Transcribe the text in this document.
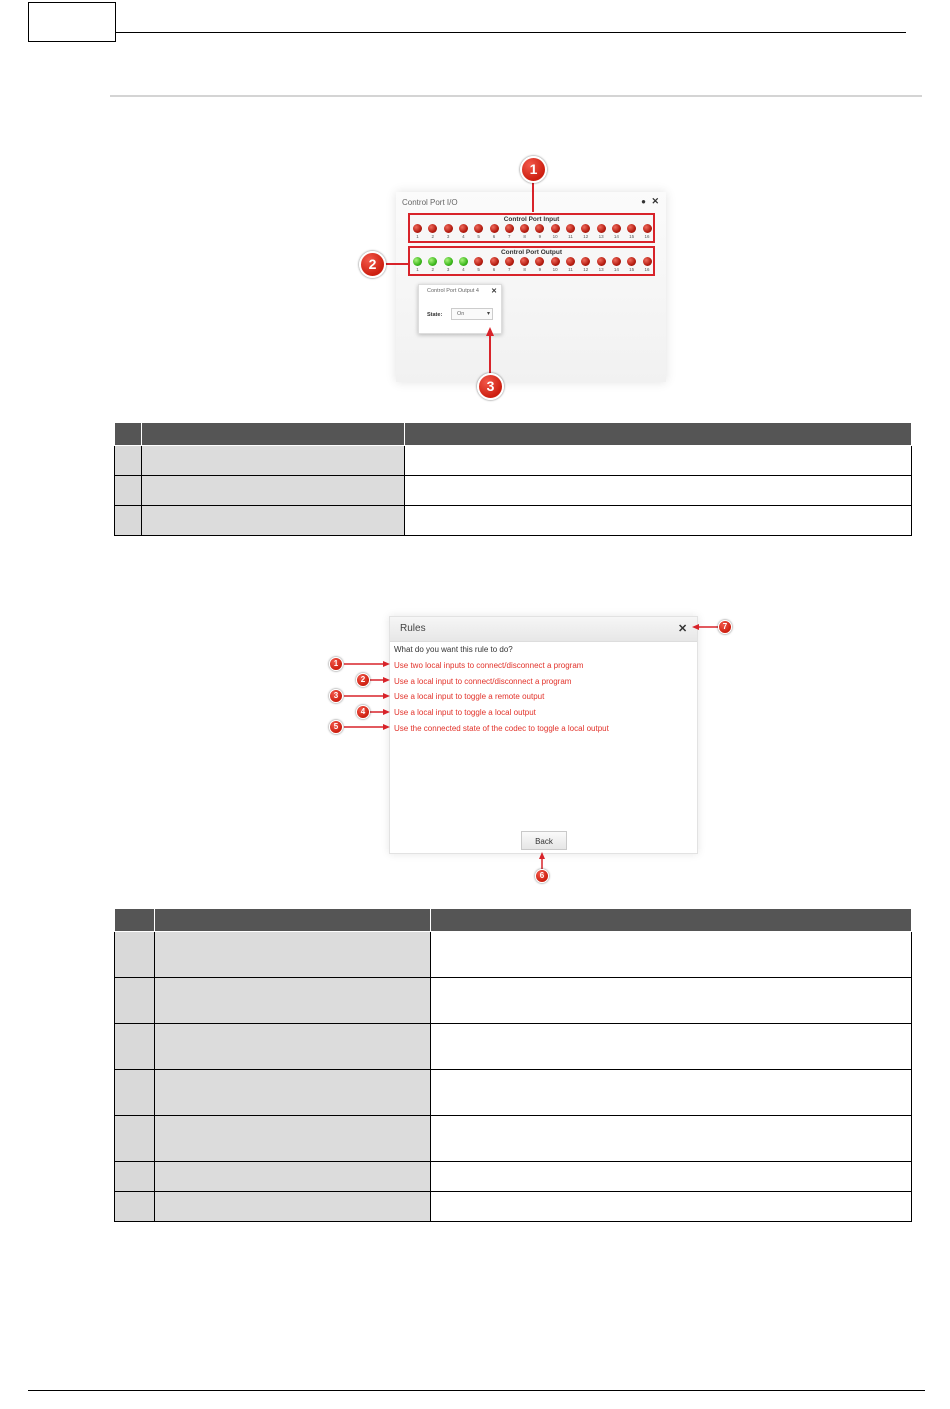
Control Port I/O	● ✕
Control Port Input
1	2	3	4	5	6	7	8	9	10	11	12	13	14	15	16
Control Port Output
1	2	3	4	5	6	7	8	9	10	11	12	13	14	15	16
Control Port Output 4 ✕
State:	On	▾
1
2
3

Rules	✕
What do you want this rule to do?
Use two local inputs to connect/disconnect a program
Use a local input to connect/disconnect a program
Use a local input to toggle a remote output
Use a local input to toggle a local output
Use the connected state of the codec to toggle a local output
Back
1
2
3
4
5
6
7
